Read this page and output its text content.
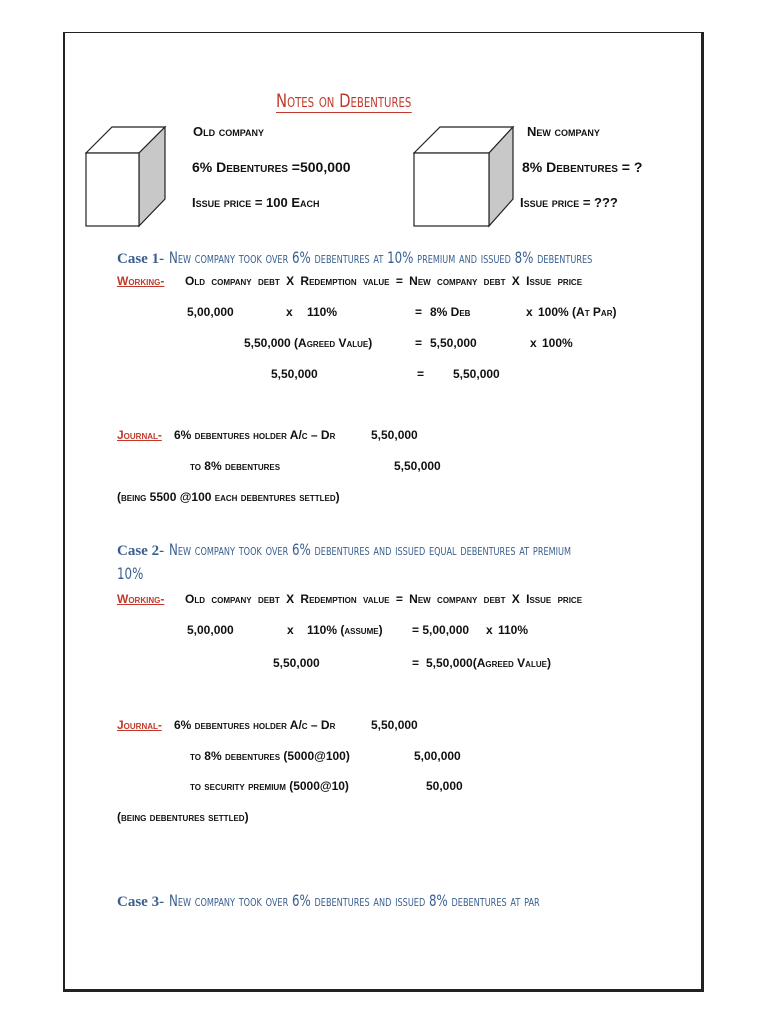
Notes on Debentures
Old company
6% Debentures =500,000
Issue price = 100 Each
New company
8% Debentures = ?
Issue price = ???
Case 1- New company took over 6% debentures at 10% premium and issued 8% debentures
Working- Old company debt X Redemption value = New company debt X Issue price
5,00,000	x 110%	= 8% Deb	x 100% (At Par)
5,50,000 (Agreed Value)	= 5,50,000	x 100%
5,50,000	= 5,50,000
Journal- 6% debentures holder A/c – Dr	5,50,000
to 8% debentures	5,50,000
(being 5500 @100 each debentures settled)
Case 2- New company took over 6% debentures and issued equal debentures at premium
10%
Working- Old company debt X Redemption value = New company debt X Issue price
5,00,000	x 110% (assume) = 5,00,000 x 110%
5,50,000	= 5,50,000(Agreed Value)
Journal- 6% debentures holder A/c – Dr	5,50,000
to 8% debentures (5000@100)	5,00,000
to security premium (5000@10)	50,000
(being debentures settled)
Case 3- New company took over 6% debentures and issued 8% debentures at par
